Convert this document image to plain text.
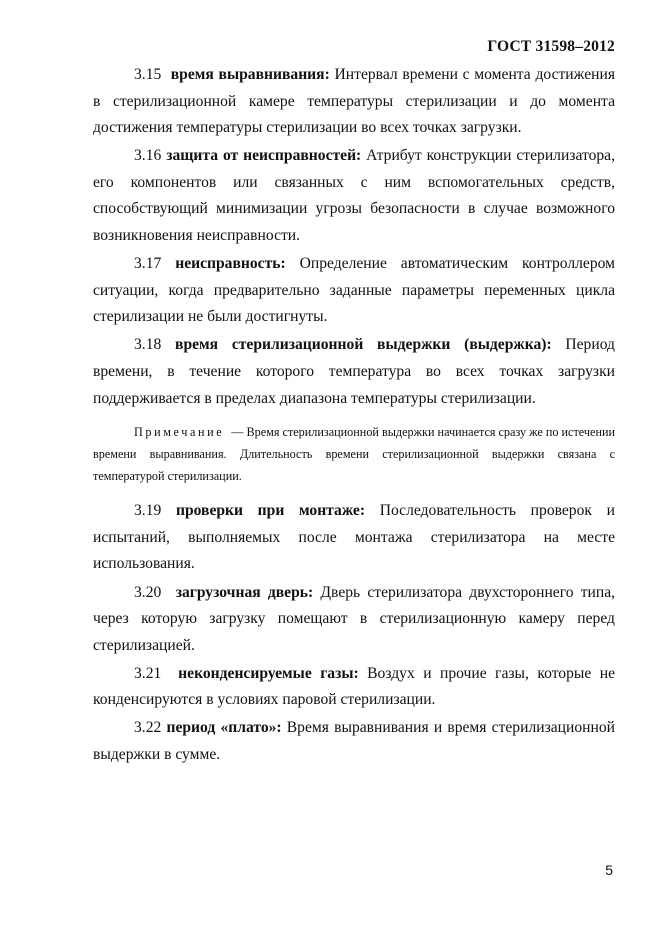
ГОСТ 31598–2012

3.15 время выравнивания: Интервал времени с момента достижения в стерилизационной камере температуры стерилизации и до момента достижения температуры стерилизации во всех точках загрузки.

3.16 защита от неисправностей: Атрибут конструкции стерилизатора, его компонентов или связанных с ним вспомогательных средств, способствующий минимизации угрозы безопасности в случае возможного возникновения неисправности.

3.17 неисправность: Определение автоматическим контроллером ситуации, когда предварительно заданные параметры переменных цикла стерилизации не были достигнуты.

3.18 время стерилизационной выдержки (выдержка): Период времени, в течение которого температура во всех точках загрузки поддерживается в пределах диапазона температуры стерилизации.

Примечание — Время стерилизационной выдержки начинается сразу же по истечении времени выравнивания. Длительность времени стерилизационной выдержки связана с температурой стерилизации.

3.19 проверки при монтаже: Последовательность проверок и испытаний, выполняемых после монтажа стерилизатора на месте использования.

3.20 загрузочная дверь: Дверь стерилизатора двухстороннего типа, через которую загрузку помещают в стерилизационную камеру перед стерилизацией.

3.21 неконденсируемые газы: Воздух и прочие газы, которые не конденсируются в условиях паровой стерилизации.

3.22 период «плато»: Время выравнивания и время стерилизационной выдержки в сумме.

5
